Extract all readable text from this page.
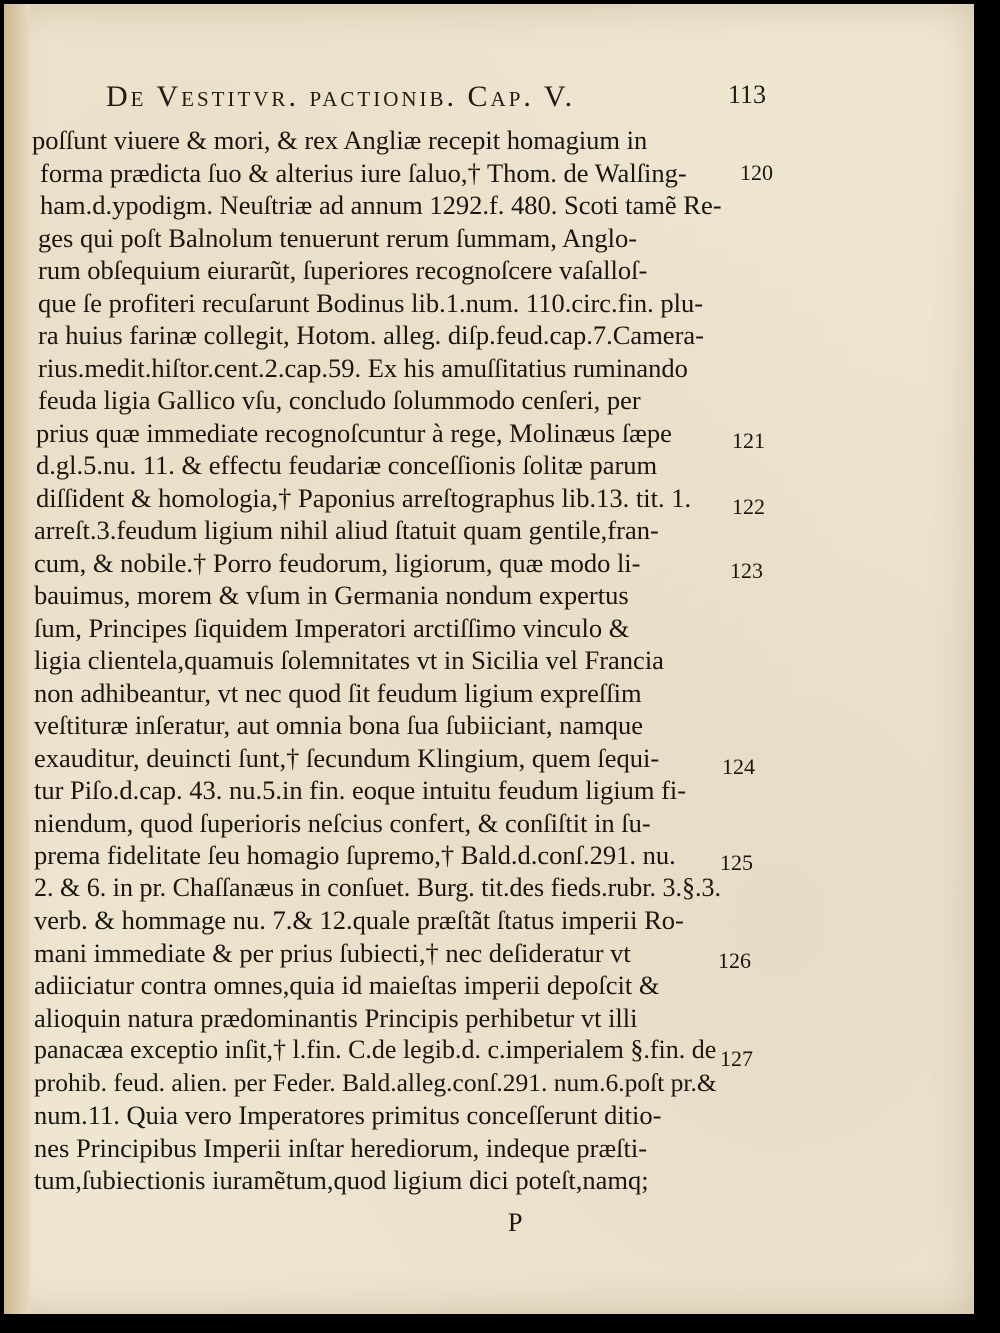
De Vestitvr. pactionib. Cap. V.	113
poſſunt viuere & mori, & rex Angliæ recepit homagium in
forma prædicta ſuo & alterius iure ſaluo,† Thom. de Walſing-
ham.d.ypodigm. Neuſtriæ ad annum 1292.f. 480. Scoti tamẽ Re-
ges qui poſt Balnolum tenuerunt rerum ſummam, Anglo-
rum obſequium eiurarũt, ſuperiores recognoſcere vaſalloſ-
que ſe profiteri recuſarunt Bodinus lib.1.num. 110.circ.fin. plu-
ra huius farinæ collegit, Hotom. alleg. diſp.feud.cap.7.Camera-
rius.medit.hiſtor.cent.2.cap.59. Ex his amuſſitatius ruminando
feuda ligia Gallico vſu, concludo ſolummodo cenſeri, per
prius quæ immediate recognoſcuntur à rege, Molinæus ſæpe
d.gl.5.nu. 11. & effectu feudariæ conceſſionis ſolitæ parum
diſſident & homologia,† Paponius arreſtographus lib.13. tit. 1.
arreſt.3.feudum ligium nihil aliud ſtatuit quam gentile,fran-
cum, & nobile.† Porro feudorum, ligiorum, quæ modo li-
bauimus, morem & vſum in Germania nondum expertus
ſum, Principes ſiquidem Imperatori arctiſſimo vinculo &
ligia clientela,quamuis ſolemnitates vt in Sicilia vel Francia
non adhibeantur, vt nec quod ſit feudum ligium expreſſim
veſtituræ inſeratur, aut omnia bona ſua ſubiiciant, namque
exauditur, deuincti ſunt,† ſecundum Klingium, quem ſequi-
tur Piſo.d.cap. 43. nu.5.in fin. eoque intuitu feudum ligium fi-
niendum, quod ſuperioris neſcius confert, & conſiſtit in ſu-
prema fidelitate ſeu homagio ſupremo,† Bald.d.conſ.291. nu.
2. & 6. in pr. Chaſſanæus in conſuet. Burg. tit.des fieds.rubr. 3.§.3.
verb. & hommage nu. 7.& 12.quale præſtãt ſtatus imperii Ro-
mani immediate & per prius ſubiecti,† nec deſideratur vt
adiiciatur contra omnes,quia id maieſtas imperii depoſcit &
alioquin natura prædominantis Principis perhibetur vt illi
panacæa exceptio inſit,† l.fin. C.de legib.d. c.imperialem §.fin. de
prohib. feud. alien. per Feder. Bald.alleg.conſ.291. num.6.poſt pr.&
num.11. Quia vero Imperatores primitus conceſſerunt ditio-
nes Principibus Imperii inſtar herediorum, indeque præſti-
tum,ſubiectionis iuramẽtum,quod ligium dici poteſt,namq;
120
121
122
123
124
125
126
127
P
